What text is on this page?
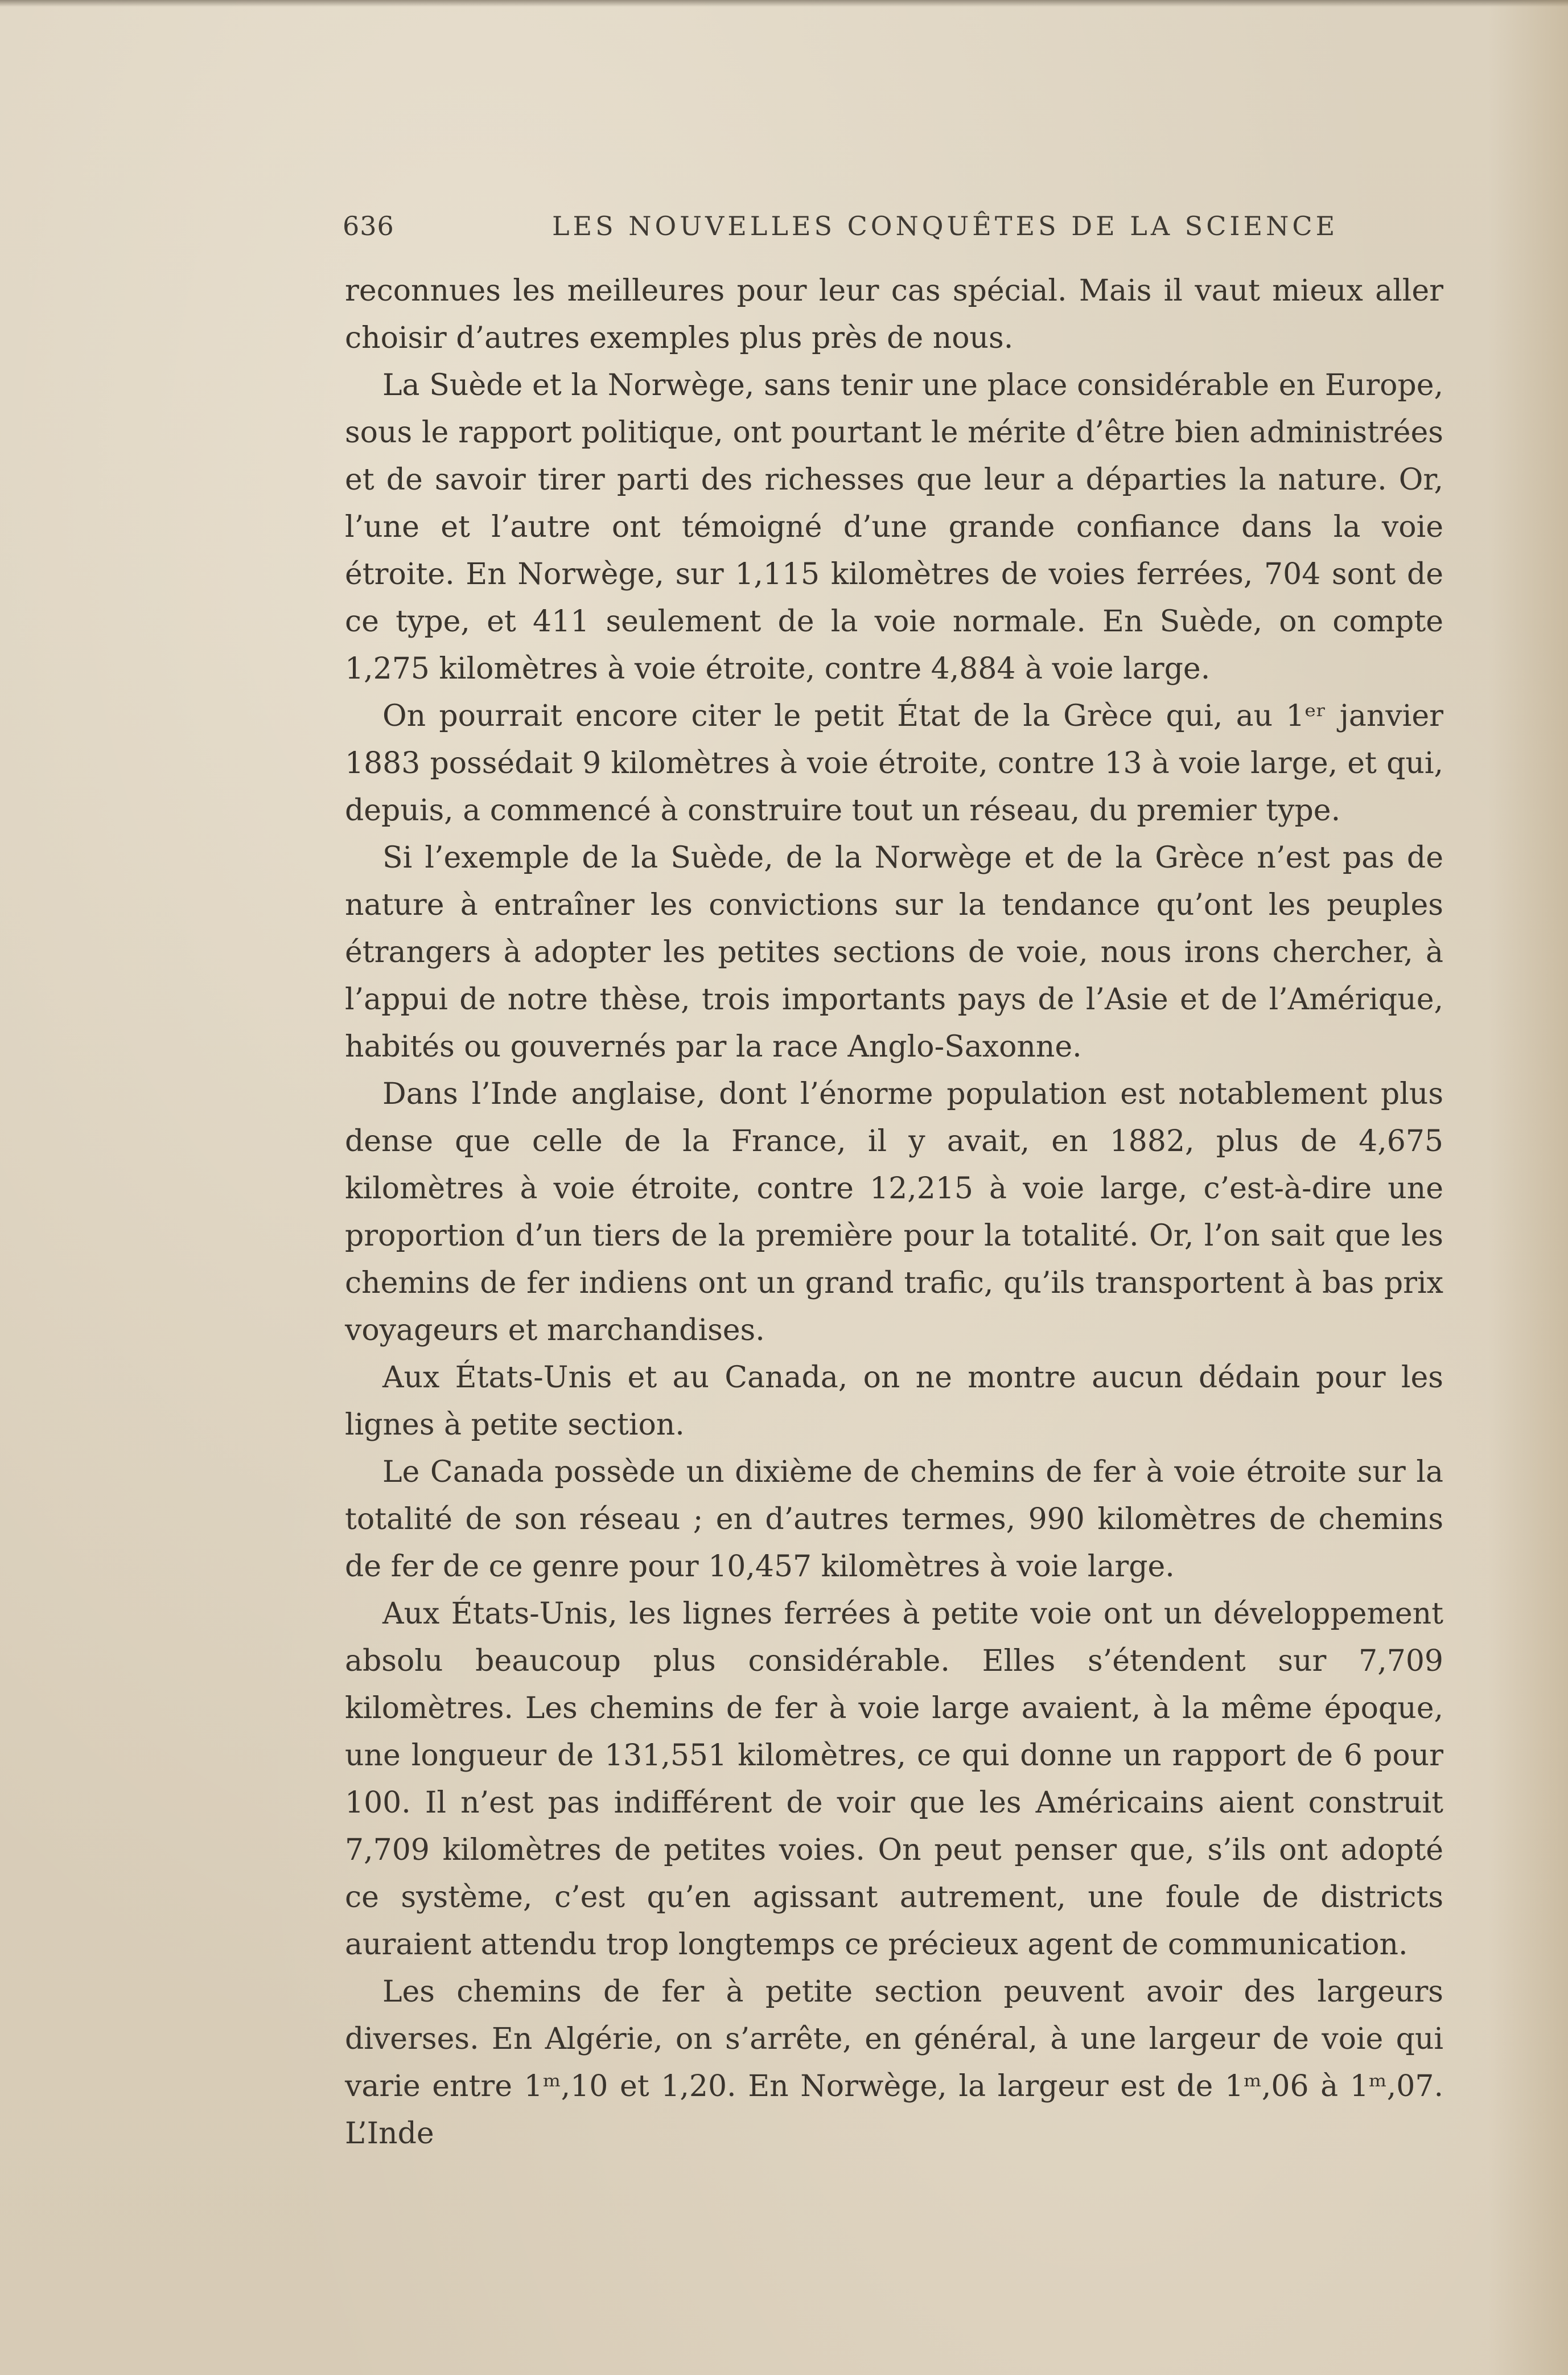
636	LES NOUVELLES CONQUÊTES DE LA SCIENCE

reconnues les meilleures pour leur cas spécial. Mais il vaut mieux aller choisir d’autres exemples plus près de nous.

La Suède et la Norwège, sans tenir une place considérable en Europe, sous le rapport politique, ont pourtant le mérite d’être bien administrées et de savoir tirer parti des richesses que leur a départies la nature. Or, l’une et l’autre ont témoigné d’une grande confiance dans la voie étroite. En Norwège, sur 1,115 kilomètres de voies ferrées, 704 sont de ce type, et 411 seulement de la voie normale. En Suède, on compte 1,275 kilomètres à voie étroite, contre 4,884 à voie large.

On pourrait encore citer le petit État de la Grèce qui, au 1ᵉʳ janvier 1883 possédait 9 kilomètres à voie étroite, contre 13 à voie large, et qui, depuis, a commencé à construire tout un réseau, du premier type.

Si l’exemple de la Suède, de la Norwège et de la Grèce n’est pas de nature à entraîner les convictions sur la tendance qu’ont les peuples étrangers à adopter les petites sections de voie, nous irons chercher, à l’appui de notre thèse, trois importants pays de l’Asie et de l’Amérique, habités ou gouvernés par la race Anglo-Saxonne.

Dans l’Inde anglaise, dont l’énorme population est notablement plus dense que celle de la France, il y avait, en 1882, plus de 4,675 kilomètres à voie étroite, contre 12,215 à voie large, c’est-à-dire une proportion d’un tiers de la première pour la totalité. Or, l’on sait que les chemins de fer indiens ont un grand trafic, qu’ils transportent à bas prix voyageurs et marchandises.

Aux États-Unis et au Canada, on ne montre aucun dédain pour les lignes à petite section.

Le Canada possède un dixième de chemins de fer à voie étroite sur la totalité de son réseau ; en d’autres termes, 990 kilomètres de chemins de fer de ce genre pour 10,457 kilomètres à voie large.

Aux États-Unis, les lignes ferrées à petite voie ont un développement absolu beaucoup plus considérable. Elles s’étendent sur 7,709 kilomètres. Les chemins de fer à voie large avaient, à la même époque, une longueur de 131,551 kilomètres, ce qui donne un rapport de 6 pour 100. Il n’est pas indifférent de voir que les Américains aient construit 7,709 kilomètres de petites voies. On peut penser que, s’ils ont adopté ce système, c’est qu’en agissant autrement, une foule de districts auraient attendu trop longtemps ce précieux agent de communication.

Les chemins de fer à petite section peuvent avoir des largeurs diverses. En Algérie, on s’arrête, en général, à une largeur de voie qui varie entre 1ᵐ,10 et 1,20. En Norwège, la largeur est de 1ᵐ,06 à 1ᵐ,07. L’Inde
